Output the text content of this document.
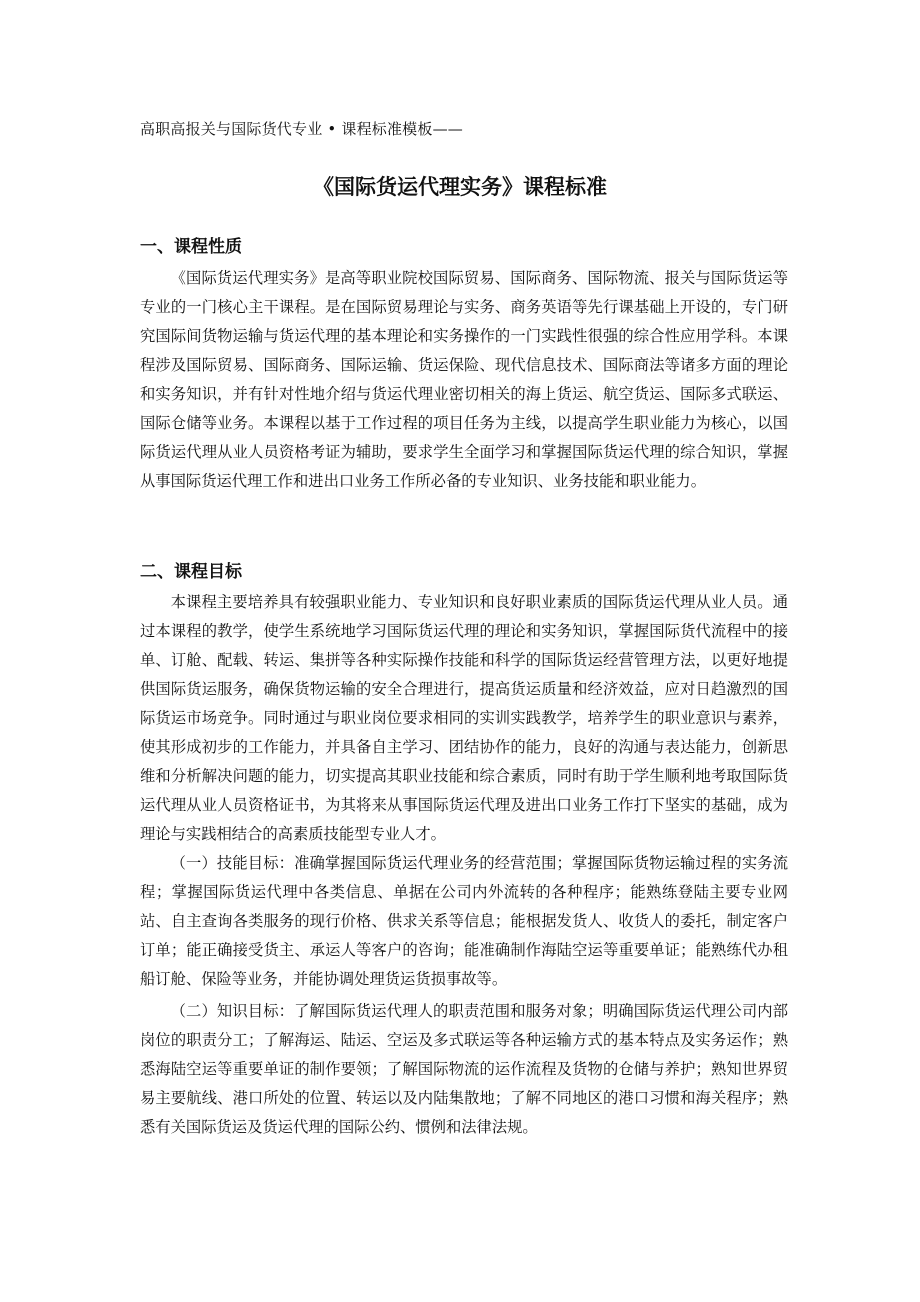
高职高报关与国际货代专业 • 课程标准模板——
《国际货运代理实务》课程标准
一、课程性质

《国际货运代理实务》是高等职业院校国际贸易、国际商务、国际物流、报关与国际货运等专业的一门核心主干课程。是在国际贸易理论与实务、商务英语等先行课基础上开设的，专门研究国际间货物运输与货运代理的基本理论和实务操作的一门实践性很强的综合性应用学科。本课程涉及国际贸易、国际商务、国际运输、货运保险、现代信息技术、国际商法等诸多方面的理论和实务知识，并有针对性地介绍与货运代理业密切相关的海上货运、航空货运、国际多式联运、国际仓储等业务。本课程以基于工作过程的项目任务为主线，以提高学生职业能力为核心，以国际货运代理从业人员资格考证为辅助，要求学生全面学习和掌握国际货运代理的综合知识，掌握从事国际货运代理工作和进出口业务工作所必备的专业知识、业务技能和职业能力。

二、课程目标

本课程主要培养具有较强职业能力、专业知识和良好职业素质的国际货运代理从业人员。通过本课程的教学，使学生系统地学习国际货运代理的理论和实务知识，掌握国际货代流程中的接单、订舱、配载、转运、集拼等各种实际操作技能和科学的国际货运经营管理方法，以更好地提供国际货运服务，确保货物运输的安全合理进行，提高货运质量和经济效益，应对日趋激烈的国际货运市场竞争。同时通过与职业岗位要求相同的实训实践教学，培养学生的职业意识与素养，使其形成初步的工作能力，并具备自主学习、团结协作的能力，良好的沟通与表达能力，创新思维和分析解决问题的能力，切实提高其职业技能和综合素质，同时有助于学生顺利地考取国际货运代理从业人员资格证书，为其将来从事国际货运代理及进出口业务工作打下坚实的基础，成为理论与实践相结合的高素质技能型专业人才。

（一）技能目标：准确掌握国际货运代理业务的经营范围；掌握国际货物运输过程的实务流程；掌握国际货运代理中各类信息、单据在公司内外流转的各种程序；能熟练登陆主要专业网站、自主查询各类服务的现行价格、供求关系等信息；能根据发货人、收货人的委托，制定客户订单；能正确接受货主、承运人等客户的咨询；能准确制作海陆空运等重要单证；能熟练代办租船订舱、保险等业务，并能协调处理货运货损事故等。

（二）知识目标：了解国际货运代理人的职责范围和服务对象；明确国际货运代理公司内部岗位的职责分工；了解海运、陆运、空运及多式联运等各种运输方式的基本特点及实务运作；熟悉海陆空运等重要单证的制作要领；了解国际物流的运作流程及货物的仓储与养护；熟知世界贸易主要航线、港口所处的位置、转运以及内陆集散地；了解不同地区的港口习惯和海关程序；熟悉有关国际货运及货运代理的国际公约、惯例和法律法规。
